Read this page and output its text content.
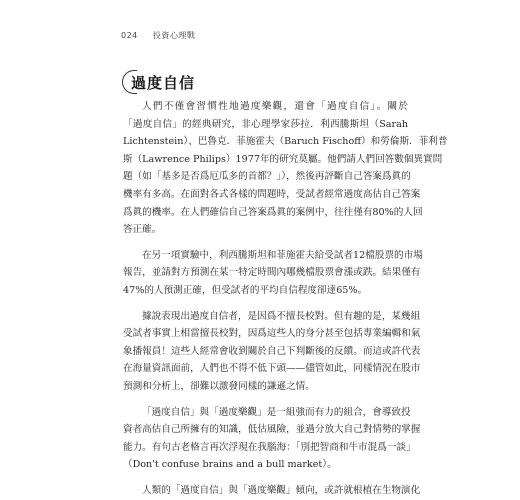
024 投資心理戰
過度自信
人們不僅會習慣性地過度樂觀，還會「過度自信」。關於
「過度自信」的經典研究，非心理學家莎拉．利西騰斯坦（Sarah
Lichtenstein）、巴魯克．菲施霍夫（Baruch Fischoff）和勞倫斯．菲利普
斯（Lawrence Philips）1977年的研究莫屬。他們請人們回答數個異實問
題（如「基多是否爲厄瓜多的首都？」），然後再評斷自己答案爲眞的
機率有多高。在面對各式各樣的問題時，受試者經常過度高估自己答案
爲眞的機率。在人們確信自己答案爲眞的案例中，往往僅有80%的人回
答正確。
在另一項實驗中，利西騰斯坦和菲施霍夫給受試者12檔股票的市場
報告，並請對方預測在某一特定時間內哪幾檔股票會漲或跌。結果僅有
47%的人預測正確，但受試者的平均自信程度卻達65%。
據說表現出過度自信者，是因爲不擅長校對。但有趣的是，某幾組
受試者事實上相當擅長校對，因爲這些人的身分甚至包括專業編輯和氣
象播報員！這些人經常會收到關於自己下判斷後的反饋。而這或許代表
在海量資訊面前，人們也不得不低下頭——儘管如此，同樣情況在股市
預測和分析上，卻難以激發同樣的謙遜之情。
「過度自信」與「過度樂觀」是一組強而有力的組合，會導致投
資者高估自己所擁有的知識，低估風險，並過分放大自己對情勢的掌握
能力。有句古老格言再次浮現在我腦海：「別把智商和牛市混爲一談」
（Don't confuse brains and a bull market）。
人類的「過度自信」與「過度樂觀」傾向，或許就根植在生物演化
